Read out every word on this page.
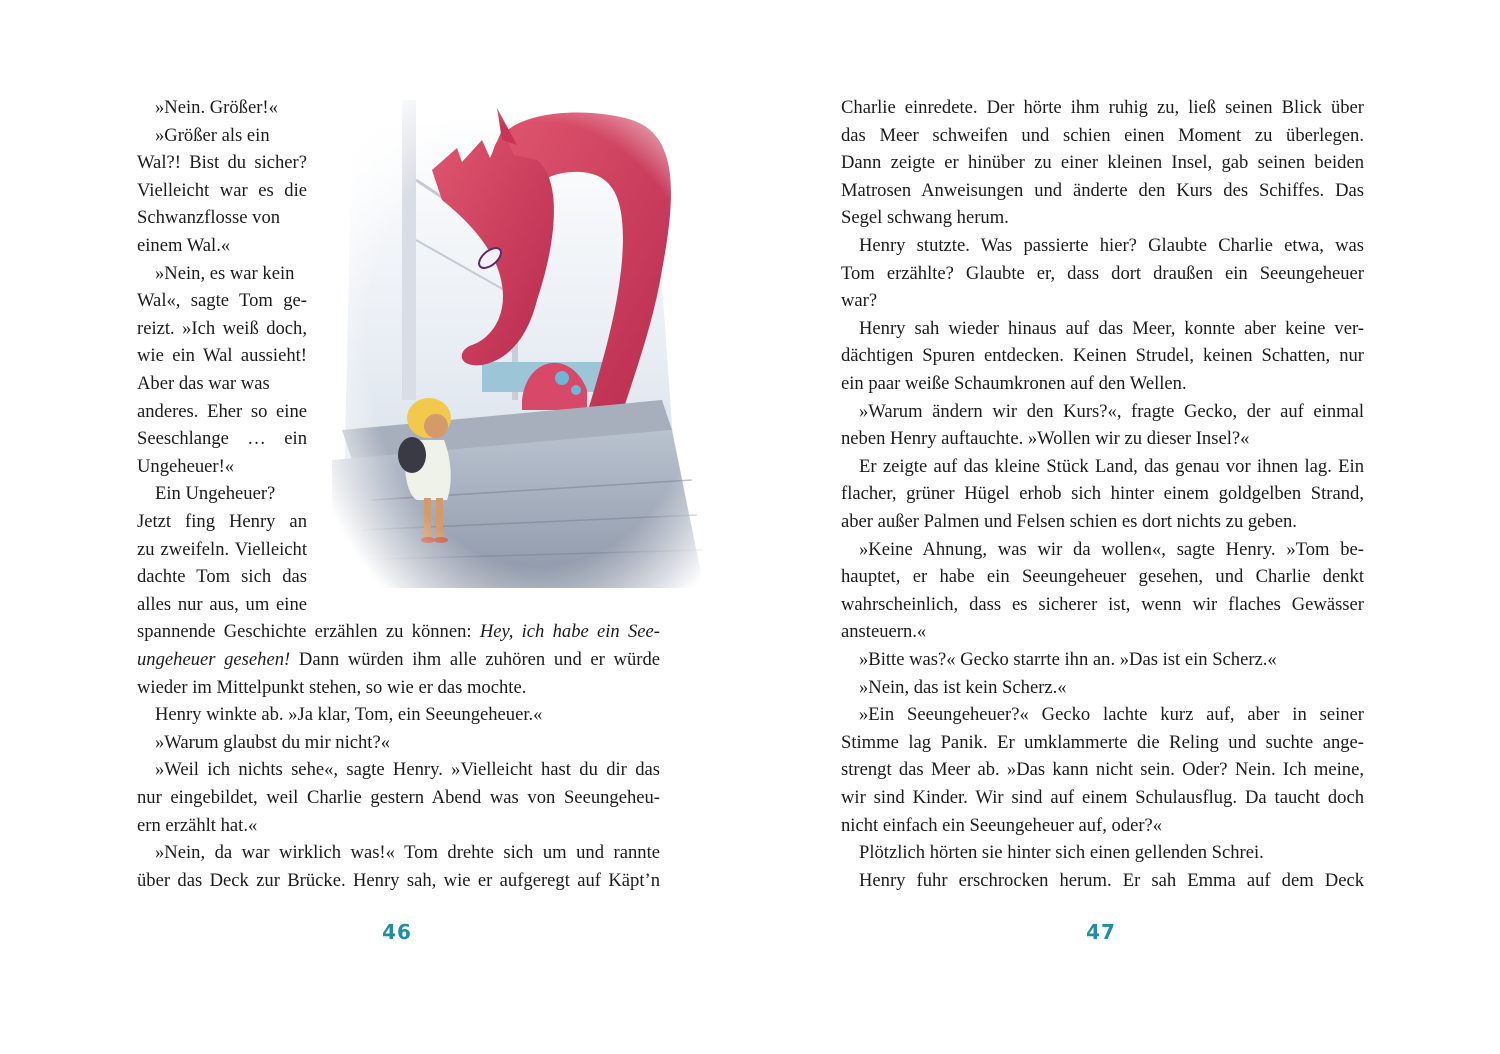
»Nein. Größer!«
»Größer als ein
Wal?! Bist du sicher?
Vielleicht war es die
Schwanzflosse von
einem Wal.«
»Nein, es war kein
Wal«, sagte Tom ge-
reizt. »Ich weiß doch,
wie ein Wal aussieht!
Aber das war was
anderes. Eher so eine
Seeschlange … ein
Ungeheuer!«
Ein Ungeheuer?
Jetzt fing Henry an
zu zweifeln. Vielleicht
dachte Tom sich das
alles nur aus, um eine
spannende Geschichte erzählen zu können: Hey, ich habe ein See-
ungeheuer gesehen! Dann würden ihm alle zuhören und er würde
wieder im Mittelpunkt stehen, so wie er das mochte.
Henry winkte ab. »Ja klar, Tom, ein Seeungeheuer.«
»Warum glaubst du mir nicht?«
»Weil ich nichts sehe«, sagte Henry. »Vielleicht hast du dir das
nur eingebildet, weil Charlie gestern Abend was von Seeungeheu-
ern erzählt hat.«
»Nein, da war wirklich was!« Tom drehte sich um und rannte
über das Deck zur Brücke. Henry sah, wie er aufgeregt auf Käpt’n
46
Charlie einredete. Der hörte ihm ruhig zu, ließ seinen Blick über
das Meer schweifen und schien einen Moment zu überlegen.
Dann zeigte er hinüber zu einer kleinen Insel, gab seinen beiden
Matrosen Anweisungen und änderte den Kurs des Schiffes. Das
Segel schwang herum.
Henry stutzte. Was passierte hier? Glaubte Charlie etwa, was
Tom erzählte? Glaubte er, dass dort draußen ein Seeungeheuer
war?
Henry sah wieder hinaus auf das Meer, konnte aber keine ver-
dächtigen Spuren entdecken. Keinen Strudel, keinen Schatten, nur
ein paar weiße Schaumkronen auf den Wellen.
»Warum ändern wir den Kurs?«, fragte Gecko, der auf einmal
neben Henry auftauchte. »Wollen wir zu dieser Insel?«
Er zeigte auf das kleine Stück Land, das genau vor ihnen lag. Ein
flacher, grüner Hügel erhob sich hinter einem goldgelben Strand,
aber außer Palmen und Felsen schien es dort nichts zu geben.
»Keine Ahnung, was wir da wollen«, sagte Henry. »Tom be-
hauptet, er habe ein Seeungeheuer gesehen, und Charlie denkt
wahrscheinlich, dass es sicherer ist, wenn wir flaches Gewässer
ansteuern.«
»Bitte was?« Gecko starrte ihn an. »Das ist ein Scherz.«
»Nein, das ist kein Scherz.«
»Ein Seeungeheuer?« Gecko lachte kurz auf, aber in seiner
Stimme lag Panik. Er umklammerte die Reling und suchte ange-
strengt das Meer ab. »Das kann nicht sein. Oder? Nein. Ich meine,
wir sind Kinder. Wir sind auf einem Schulausflug. Da taucht doch
nicht einfach ein Seeungeheuer auf, oder?«
Plötzlich hörten sie hinter sich einen gellenden Schrei.
Henry fuhr erschrocken herum. Er sah Emma auf dem Deck
47
